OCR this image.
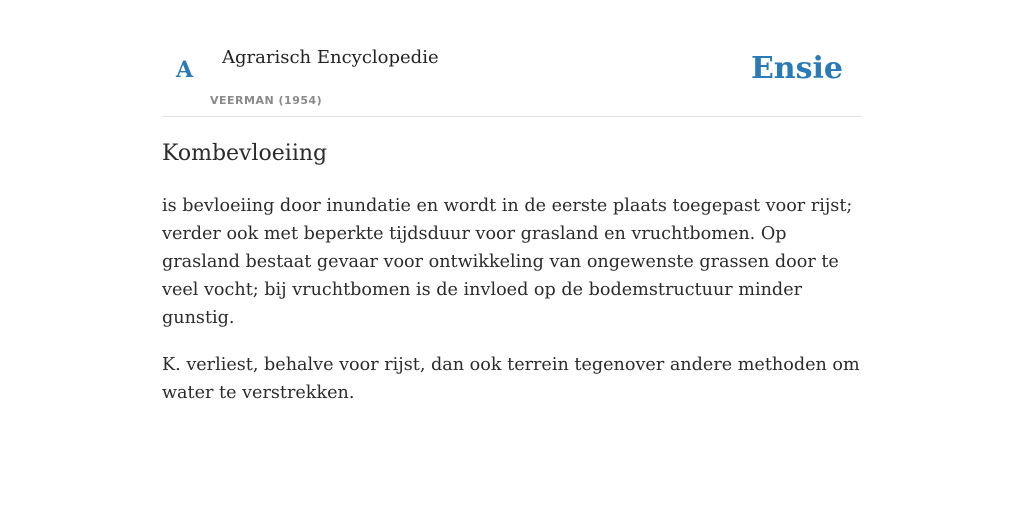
A Agrarisch Encyclopedie
VEERMAN (1954)
Ensie
Kombevloeiing

is bevloeiing door inundatie en wordt in de eerste plaats toegepast voor rijst; verder ook met beperkte tijdsduur voor grasland en vruchtbomen. Op grasland bestaat gevaar voor ontwikkeling van ongewenste grassen door te veel vocht; bij vruchtbomen is de invloed op de bodemstructuur minder gunstig.

K. verliest, behalve voor rijst, dan ook terrein tegenover andere methoden om water te verstrekken.
